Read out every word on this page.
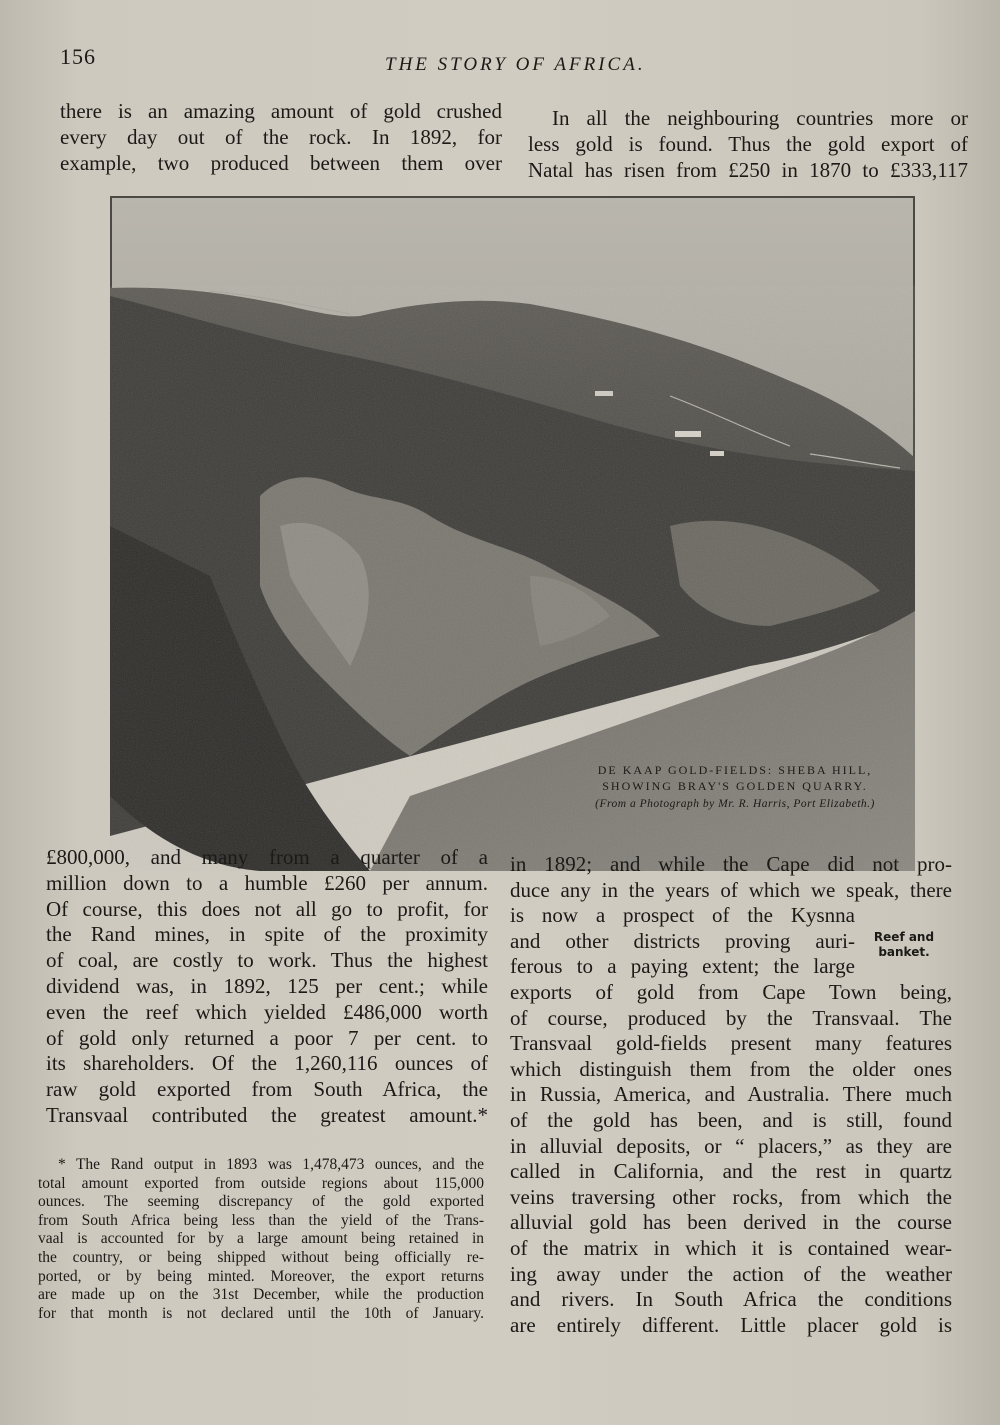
156	THE STORY OF AFRICA.
there is an amazing amount of gold crushed
every day out of the rock. In 1892, for
example, two produced between them over
In all the neighbouring countries more or
less gold is found. Thus the gold export of
Natal has risen from £250 in 1870 to £333,117
DE KAAP GOLD-FIELDS: SHEBA HILL,
SHOWING BRAY'S GOLDEN QUARRY.
(From a Photograph by Mr. R. Harris, Port Elizabeth.)
£800,000, and many from a quarter of a
million down to a humble £260 per annum.
Of course, this does not all go to profit, for
the Rand mines, in spite of the proximity
of coal, are costly to work. Thus the highest
dividend was, in 1892, 125 per cent.; while
even the reef which yielded £486,000 worth
of gold only returned a poor 7 per cent. to
its shareholders. Of the 1,260,116 ounces of
raw gold exported from South Africa, the
Transvaal contributed the greatest amount.*
* The Rand output in 1893 was 1,478,473 ounces, and the
total amount exported from outside regions about 115,000
ounces. The seeming discrepancy of the gold exported
from South Africa being less than the yield of the Trans-
vaal is accounted for by a large amount being retained in
the country, or being shipped without being officially re-
ported, or by being minted. Moreover, the export returns
are made up on the 31st December, while the production
for that month is not declared until the 10th of January.
in 1892; and while the Cape did not pro-
duce any in the years of which we speak, there
is now a prospect of the Kysnna
and other districts proving auri-
ferous to a paying extent; the large
exports of gold from Cape Town being,
of course, produced by the Transvaal. The
Transvaal gold-fields present many features
which distinguish them from the older ones
in Russia, America, and Australia. There much
of the gold has been, and is still, found
in alluvial deposits, or “ placers,” as they are
called in California, and the rest in quartz
veins traversing other rocks, from which the
alluvial gold has been derived in the course
of the matrix in which it is contained wear-
ing away under the action of the weather
and rivers. In South Africa the conditions
are entirely different. Little placer gold is
Reef and
banket.
